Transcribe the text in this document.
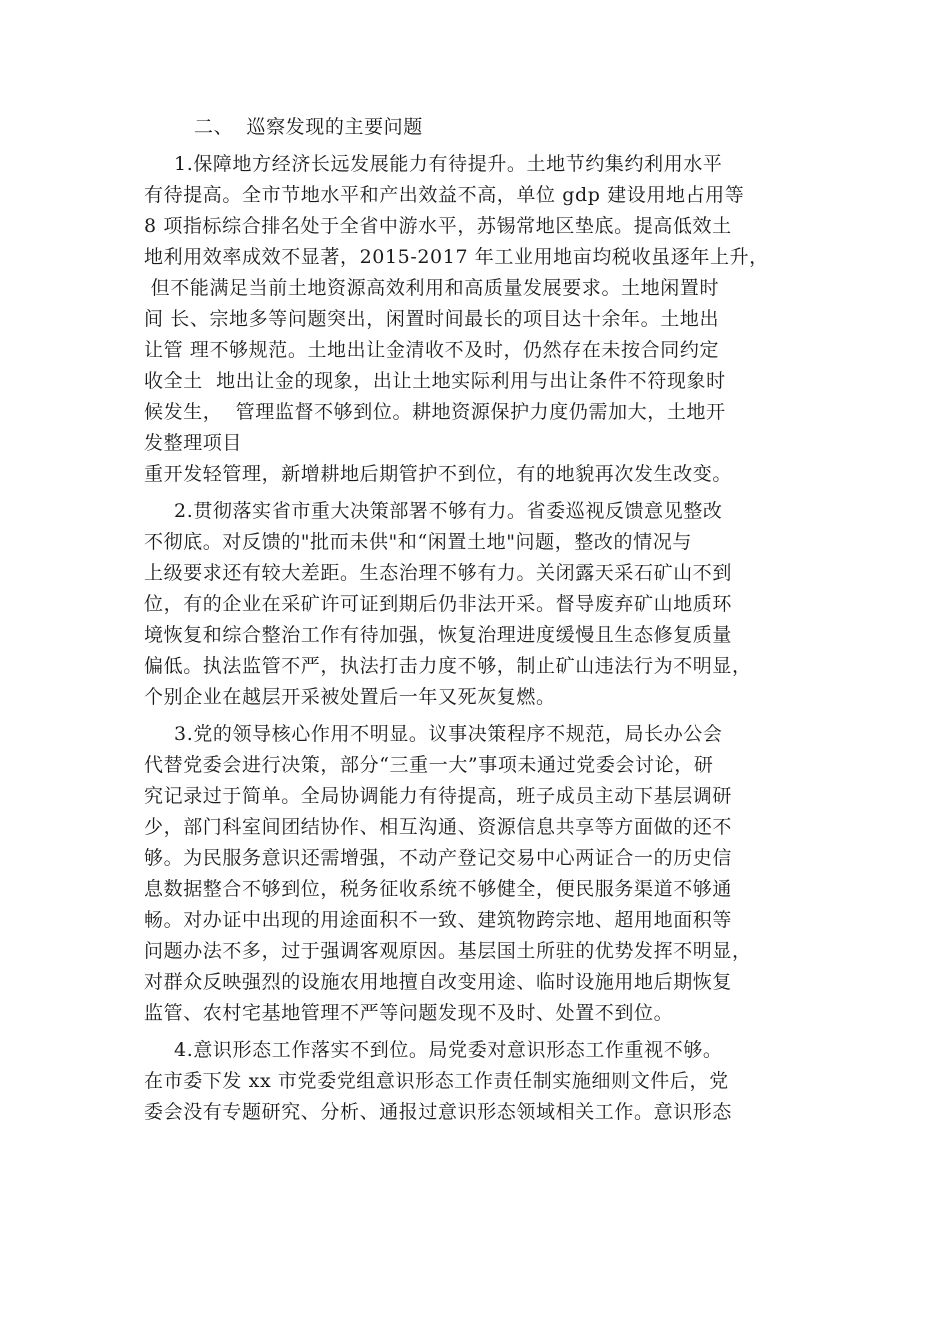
二、  巡察发现的主要问题
1.保障地方经济长远发展能力有待提升。土地节约集约利用水平
有待提高。全市节地水平和产出效益不高，单位 gdp 建设用地占用等
8 项指标综合排名处于全省中游水平，苏锡常地区垫底。提高低效土
地利用效率成效不显著，2015-2017 年工业用地亩均税收虽逐年上升，
但不能满足当前土地资源高效利用和高质量发展要求。土地闲置时
间 长、宗地多等问题突出，闲置时间最长的项目达十余年。土地出
让管 理不够规范。土地出让金清收不及时，仍然存在未按合同约定
收全土  地出让金的现象，出让土地实际利用与出让条件不符现象时
候发生，  管理监督不够到位。耕地资源保护力度仍需加大，土地开
发整理项目
重开发轻管理，新增耕地后期管护不到位，有的地貌再次发生改变。
2.贯彻落实省市重大决策部署不够有力。省委巡视反馈意见整改
不彻底。对反馈的"批而未供"和“闲置土地"问题，整改的情况与
上级要求还有较大差距。生态治理不够有力。关闭露天采石矿山不到
位，有的企业在采矿许可证到期后仍非法开采。督导废弃矿山地质环
境恢复和综合整治工作有待加强，恢复治理进度缓慢且生态修复质量
偏低。执法监管不严，执法打击力度不够，制止矿山违法行为不明显，
个别企业在越层开采被处置后一年又死灰复燃。
3.党的领导核心作用不明显。议事决策程序不规范，局长办公会
代替党委会进行决策，部分“三重一大”事项未通过党委会讨论，研
究记录过于简单。全局协调能力有待提高，班子成员主动下基层调研
少，部门科室间团结协作、相互沟通、资源信息共享等方面做的还不
够。为民服务意识还需增强，不动产登记交易中心两证合一的历史信
息数据整合不够到位，税务征收系统不够健全，便民服务渠道不够通
畅。对办证中出现的用途面积不一致、建筑物跨宗地、超用地面积等
问题办法不多，过于强调客观原因。基层国土所驻的优势发挥不明显，
对群众反映强烈的设施农用地擅自改变用途、临时设施用地后期恢复
监管、农村宅基地管理不严等问题发现不及时、处置不到位。
4.意识形态工作落实不到位。局党委对意识形态工作重视不够。
在市委下发 xx 市党委党组意识形态工作责任制实施细则文件后，党
委会没有专题研究、分析、通报过意识形态领域相关工作。意识形态
